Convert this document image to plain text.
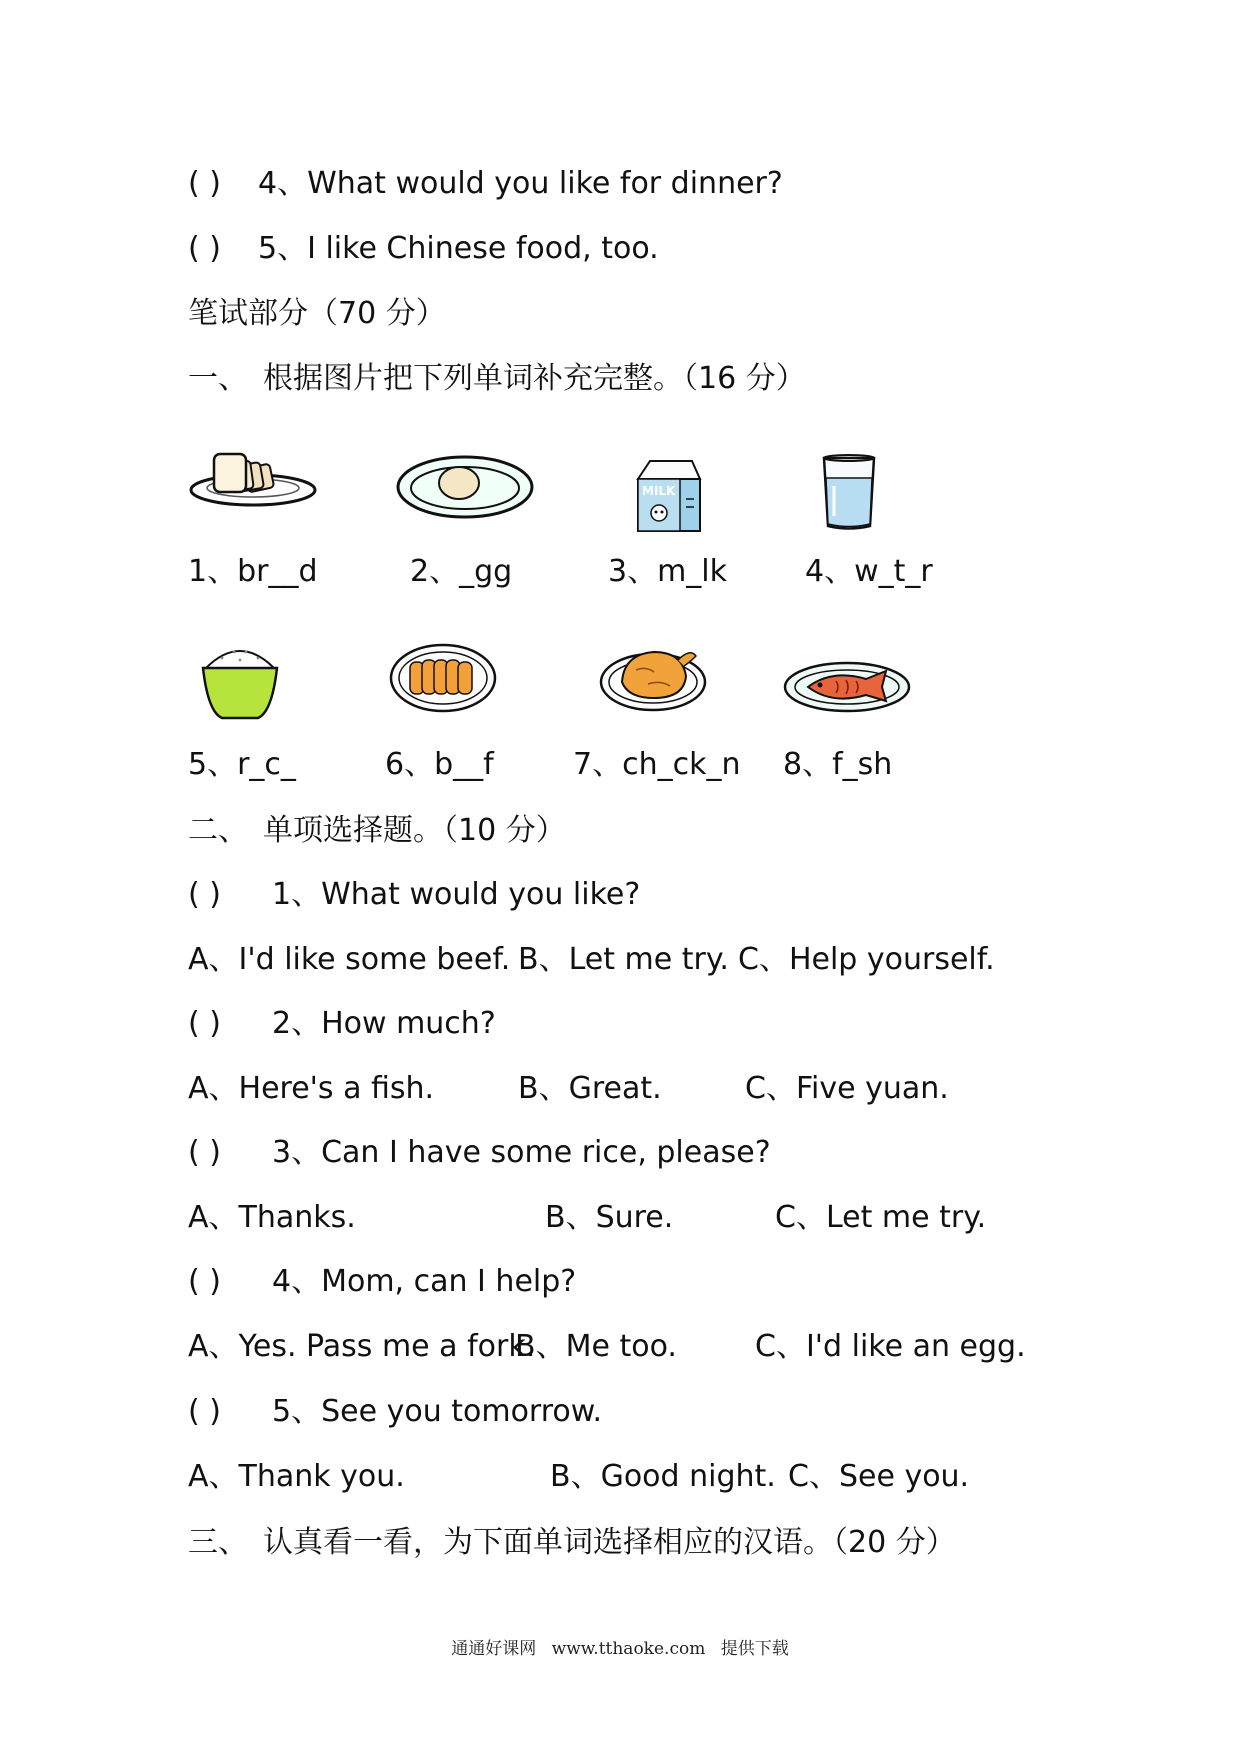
( ) 4、What would you like for dinner?
( ) 5、I like Chinese food, too.
笔试部分（70 分）
一、 根据图片把下列单词补充完整。（16 分）
MILK
1、br__d	2、_gg	3、m_lk	4、w_t_r
5、r_c_	6、b__f	7、ch_ck_n 8、f_sh
二、 单项选择题。（10 分）
( ) 1、What would you like?
A、I'd like some beef. B、Let me try. C、Help yourself.
( ) 2、How much?
A、Here's a fish.	B、Great.	C、Five yuan.
( ) 3、Can I have some rice, please?
A、Thanks.	B、Sure.	C、Let me try.
( ) 4、Mom, can I help?
A、Yes. Pass me a fork.
B、Me too.	C、I'd like an egg.
( ) 5、See you tomorrow.
A、Thank you.	B、Good night. C、See you.
三、 认真看一看，为下面单词选择相应的汉语。（20 分）
通通好课网 www.tthaoke.com 提供下载
